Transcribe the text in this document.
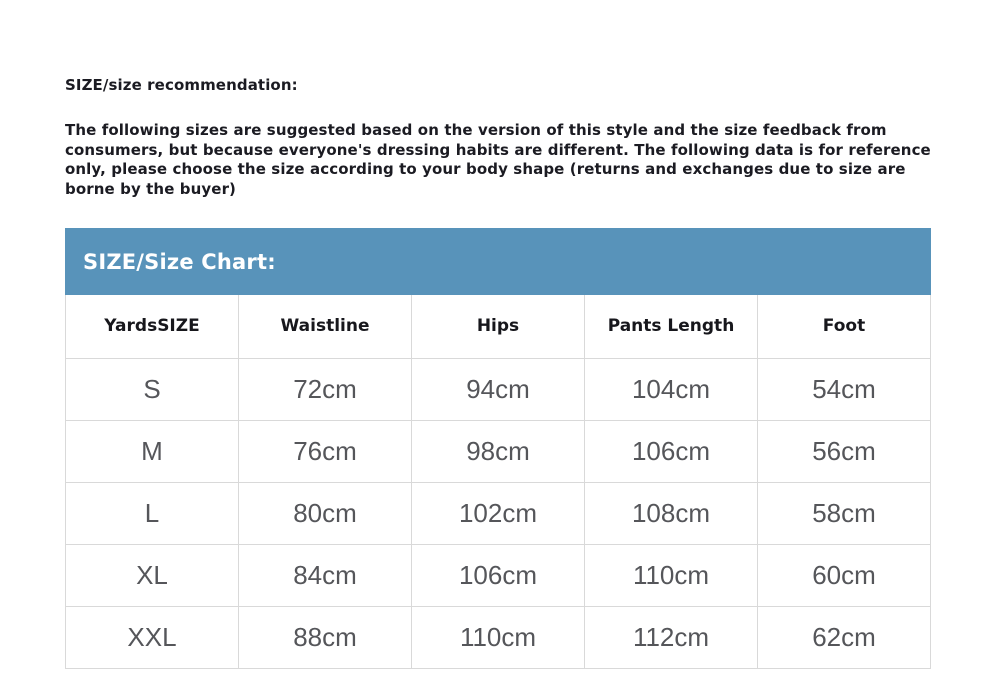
SIZE/size recommendation:
The following sizes are suggested based on the version of this style and the size feedback from consumers, but because everyone's dressing habits are different. The following data is for reference only, please choose the size according to your body shape (returns and exchanges due to size are borne by the buyer)
SIZE/Size Chart:
YardsSIZE	Waistline	Hips	Pants Length	Foot
S	72cm	94cm	104cm	54cm
M	76cm	98cm	106cm	56cm
L	80cm	102cm	108cm	58cm
XL	84cm	106cm	110cm	60cm
XXL	88cm	110cm	112cm	62cm
